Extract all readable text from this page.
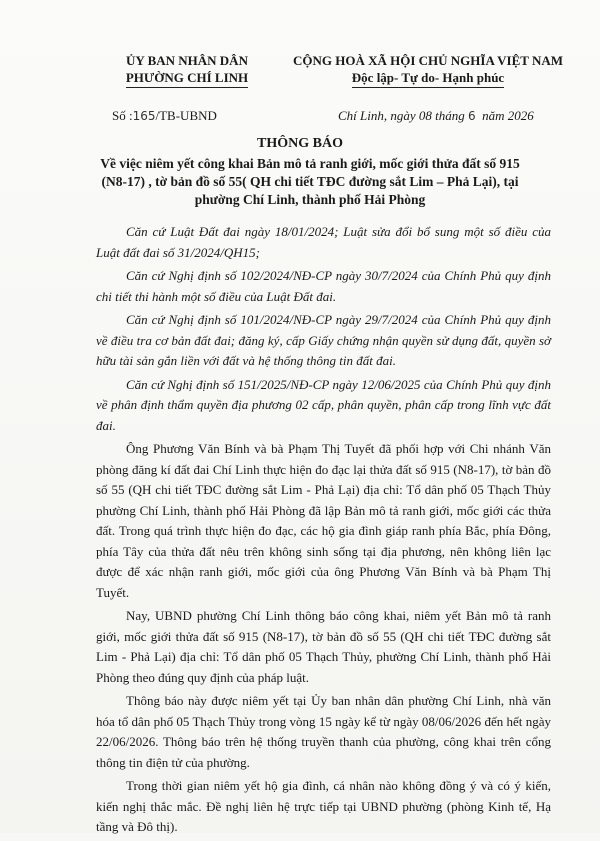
ỦY BAN NHÂN DÂN
PHƯỜNG CHÍ LINH
CỘNG HOÀ XÃ HỘI CHỦ NGHĨA VIỆT NAM
Độc lập- Tự do- Hạnh phúc
Số :165/TB-UBND	Chí Linh, ngày 08 tháng 6 năm 2026
THÔNG BÁO
Về việc niêm yết công khai Bản mô tả ranh giới, mốc giới thửa đất số 915 (N8-17) , tờ bản đồ số 55( QH chi tiết TĐC đường sắt Lim – Phả Lại), tại phường Chí Linh, thành phố Hải Phòng

Căn cứ Luật Đất đai ngày 18/01/2024; Luật sửa đổi bổ sung một số điều của Luật đất đai số 31/2024/QH15;

Căn cứ Nghị định số 102/2024/NĐ-CP ngày 30/7/2024 của Chính Phủ quy định chi tiết thi hành một số điều của Luật Đất đai.

Căn cứ Nghị định số 101/2024/NĐ-CP ngày 29/7/2024 của Chính Phủ quy định về điều tra cơ bản đất đai; đăng ký, cấp Giấy chứng nhận quyền sử dụng đất, quyền sở hữu tài sản gắn liền với đất và hệ thống thông tin đất đai.

Căn cứ Nghị định số 151/2025/NĐ-CP ngày 12/06/2025 của Chính Phủ quy định về phân định thẩm quyền địa phương 02 cấp, phân quyền, phân cấp trong lĩnh vực đất đai.

Ông Phương Văn Bính và bà Phạm Thị Tuyết đã phối hợp với Chi nhánh Văn phòng đăng kí đất đai Chí Linh thực hiện đo đạc lại thửa đất số 915 (N8-17), tờ bản đồ số 55 (QH chi tiết TĐC đường sắt Lim - Phả Lại) địa chỉ: Tổ dân phố 05 Thạch Thủy phường Chí Linh, thành phố Hải Phòng đã lập Bản mô tả ranh giới, mốc giới các thửa đất. Trong quá trình thực hiện đo đạc, các hộ gia đình giáp ranh phía Bắc, phía Đông, phía Tây của thửa đất nêu trên không sinh sống tại địa phương, nên không liên lạc được để xác nhận ranh giới, mốc giới của ông Phương Văn Bính và bà Phạm Thị Tuyết.

Nay, UBND phường Chí Linh thông báo công khai, niêm yết Bản mô tả ranh giới, mốc giới thửa đất số 915 (N8-17), tờ bản đồ số 55 (QH chi tiết TĐC đường sắt Lim - Phả Lại) địa chỉ: Tổ dân phố 05 Thạch Thủy, phường Chí Linh, thành phố Hải Phòng theo đúng quy định của pháp luật.

Thông báo này được niêm yết tại Ủy ban nhân dân phường Chí Linh, nhà văn hóa tổ dân phố 05 Thạch Thủy trong vòng 15 ngày kể từ ngày 08/06/2026 đến hết ngày 22/06/2026. Thông báo trên hệ thống truyền thanh của phường, công khai trên cổng thông tin điện tử của phường.

Trong thời gian niêm yết hộ gia đình, cá nhân nào không đồng ý và có ý kiến, kiến nghị thắc mắc. Đề nghị liên hệ trực tiếp tại UBND phường (phòng Kinh tế, Hạ tầng và Đô thị).
